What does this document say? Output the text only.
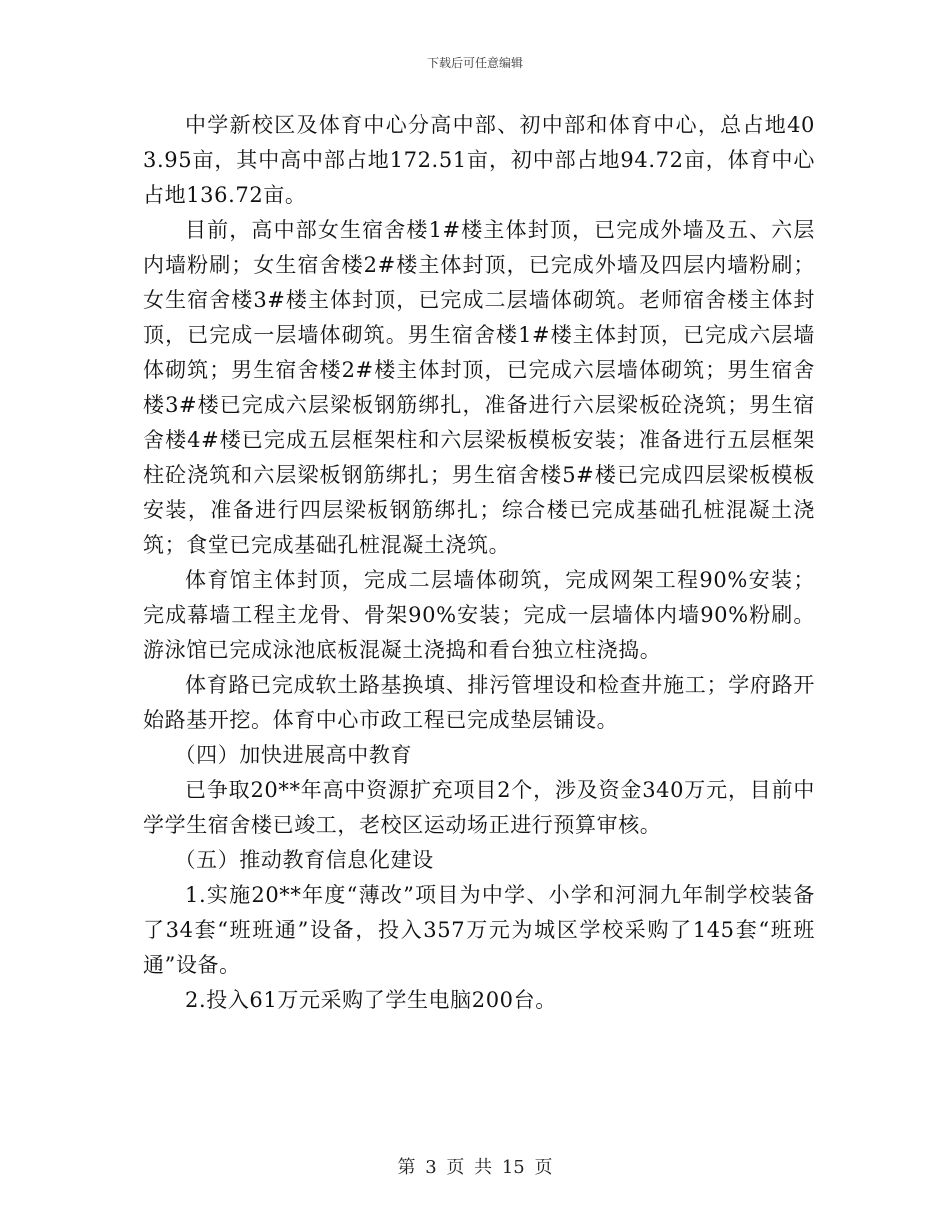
下载后可任意编辑

中学新校区及体育中心分高中部、初中部和体育中心，总占地403.95亩，其中高中部占地172.51亩，初中部占地94.72亩，体育中心占地136.72亩。

目前，高中部女生宿舍楼1#楼主体封顶，已完成外墙及五、六层内墙粉刷；女生宿舍楼2#楼主体封顶，已完成外墙及四层内墙粉刷；女生宿舍楼3#楼主体封顶，已完成二层墙体砌筑。老师宿舍楼主体封顶，已完成一层墙体砌筑。男生宿舍楼1#楼主体封顶，已完成六层墙体砌筑；男生宿舍楼2#楼主体封顶，已完成六层墙体砌筑；男生宿舍楼3#楼已完成六层梁板钢筋绑扎，准备进行六层梁板砼浇筑；男生宿舍楼4#楼已完成五层框架柱和六层梁板模板安装；准备进行五层框架柱砼浇筑和六层梁板钢筋绑扎；男生宿舍楼5#楼已完成四层梁板模板安装，准备进行四层梁板钢筋绑扎；综合楼已完成基础孔桩混凝土浇筑；食堂已完成基础孔桩混凝土浇筑。

体育馆主体封顶，完成二层墙体砌筑，完成网架工程90%安装；完成幕墙工程主龙骨、骨架90%安装；完成一层墙体内墙90%粉刷。游泳馆已完成泳池底板混凝土浇捣和看台独立柱浇捣。

体育路已完成软土路基换填、排污管埋设和检查井施工；学府路开始路基开挖。体育中心市政工程已完成垫层铺设。

（四）加快进展高中教育

已争取20**年高中资源扩充项目2个，涉及资金340万元，目前中学学生宿舍楼已竣工，老校区运动场正进行预算审核。

（五）推动教育信息化建设

1.实施20**年度“薄改”项目为中学、小学和河洞九年制学校装备了34套“班班通”设备，投入357万元为城区学校采购了145套“班班通”设备。

2.投入61万元采购了学生电脑200台。

第 3 页 共 15 页
